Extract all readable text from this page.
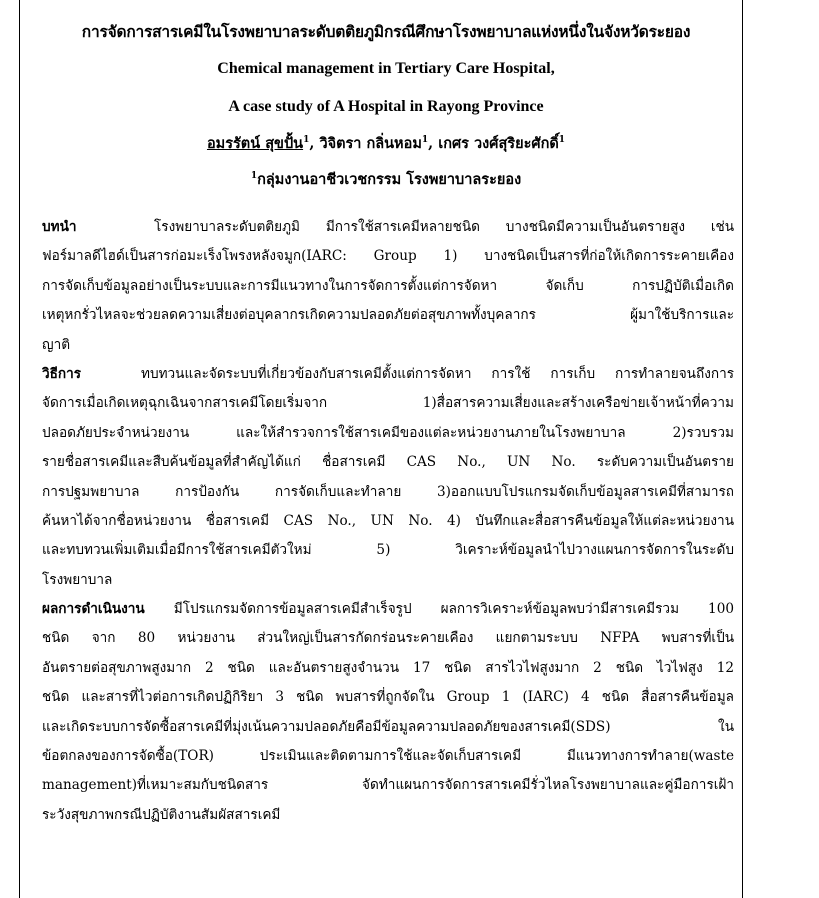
การจัดการสารเคมีในโรงพยาบาลระดับตติยภูมิกรณีศึกษาโรงพยาบาลแห่งหนึ่งในจังหวัดระยอง
Chemical management in Tertiary Care Hospital,
A case study of A Hospital in Rayong Province
อมรรัตน์ สุขปั้น$^1$, วิจิตรา กลิ่นหอม$^1$, เกศร วงศ์สุริยะศักดิ์$^1$
$^1$กลุ่มงานอาชีวเวชกรรม โรงพยาบาลระยอง
บทนำ	โรงพยาบาลระดับตติยภูมิ มีการใช้สารเคมีหลายชนิด บางชนิดมีความเป็นอันตรายสูง เช่น
ฟอร์มาลดีไฮด์เป็นสารก่อมะเร็งโพรงหลังจมูก(IARC: Group 1) บางชนิดเป็นสารที่ก่อให้เกิดการระคายเคือง
การจัดเก็บข้อมูลอย่างเป็นระบบและการมีแนวทางในการจัดการตั้งแต่การจัดหา จัดเก็บ การปฏิบัติเมื่อเกิด
เหตุหกรั่วไหลจะช่วยลดความเสี่ยงต่อบุคลากรเกิดความปลอดภัยต่อสุขภาพทั้งบุคลากร ผู้มาใช้บริการและ
ญาติ
วิธีการ	ทบทวนและจัดระบบที่เกี่ยวข้องกับสารเคมีตั้งแต่การจัดหา การใช้ การเก็บ การทำลายจนถึงการ
จัดการเมื่อเกิดเหตุฉุกเฉินจากสารเคมีโดยเริ่มจาก 1)สื่อสารความเสี่ยงและสร้างเครือข่ายเจ้าหน้าที่ความ
ปลอดภัยประจำหน่วยงาน และให้สำรวจการใช้สารเคมีของแต่ละหน่วยงานภายในโรงพยาบาล 2)รวบรวม
รายชื่อสารเคมีและสืบค้นข้อมูลที่สำคัญได้แก่ ชื่อสารเคมี CAS No., UN No. ระดับความเป็นอันตราย
การปฐมพยาบาล การป้องกัน การจัดเก็บและทำลาย 3)ออกแบบโปรแกรมจัดเก็บข้อมูลสารเคมีที่สามารถ
ค้นหาได้จากชื่อหน่วยงาน ชื่อสารเคมี CAS No., UN No. 4) บันทึกและสื่อสารคืนข้อมูลให้แต่ละหน่วยงาน
และทบทวนเพิ่มเติมเมื่อมีการใช้สารเคมีตัวใหม่ 5) วิเคราะห์ข้อมูลนำไปวางแผนการจัดการในระดับ
โรงพยาบาล
ผลการดำเนินงาน มีโปรแกรมจัดการข้อมูลสารเคมีสำเร็จรูป ผลการวิเคราะห์ข้อมูลพบว่ามีสารเคมีรวม 100
ชนิด จาก 80 หน่วยงาน ส่วนใหญ่เป็นสารกัดกร่อนระคายเคือง แยกตามระบบ NFPA พบสารที่เป็น
อันตรายต่อสุขภาพสูงมาก 2 ชนิด และอันตรายสูงจำนวน 17 ชนิด สารไวไฟสูงมาก 2 ชนิด ไวไฟสูง 12
ชนิด และสารที่ไวต่อการเกิดปฏิกิริยา 3 ชนิด พบสารที่ถูกจัดใน Group 1 (IARC) 4 ชนิด สื่อสารคืนข้อมูล
และเกิดระบบการจัดซื้อสารเคมีที่มุ่งเน้นความปลอดภัยคือมีข้อมูลความปลอดภัยของสารเคมี(SDS) ใน
ข้อตกลงของการจัดซื้อ(TOR) ประเมินและติดตามการใช้และจัดเก็บสารเคมี มีแนวทางการทำลาย(waste
management)ที่เหมาะสมกับชนิดสาร จัดทำแผนการจัดการสารเคมีรั่วไหลโรงพยาบาลและคู่มือการเฝ้า
ระวังสุขภาพกรณีปฏิบัติงานสัมผัสสารเคมี
